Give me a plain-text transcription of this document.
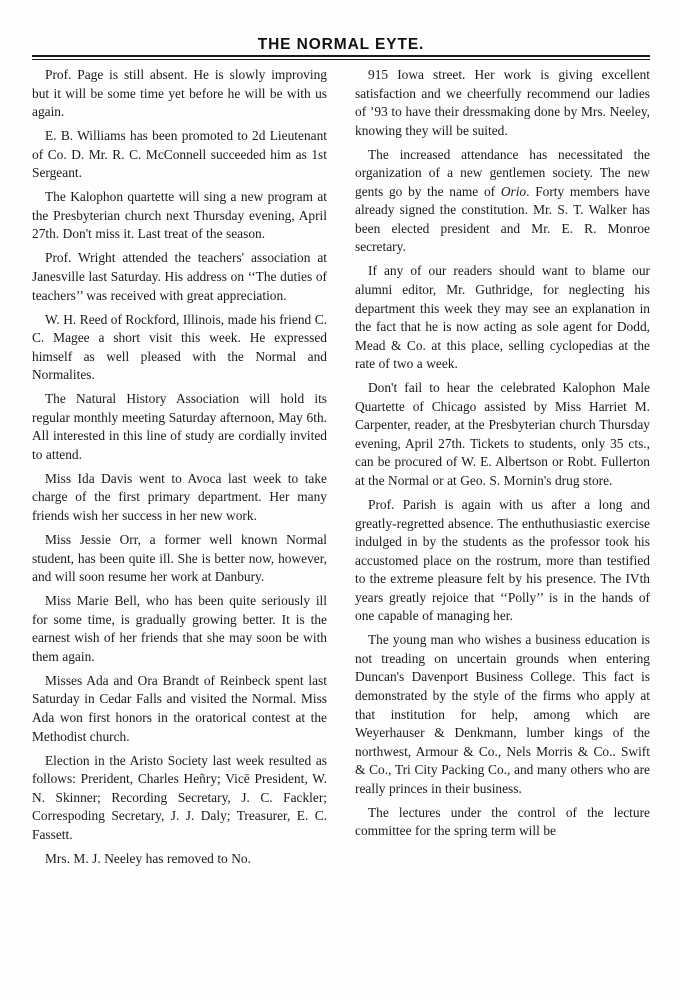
THE NORMAL EYTE.

Prof. Page is still absent. He is slowly improving but it will be some time yet before he will be with us again.

E. B. Williams has been promoted to 2d Lieutenant of Co. D. Mr. R. C. McConnell succeeded him as 1st Sergeant.

The Kalophon quartette will sing a new program at the Presbyterian church next Thursday evening, April 27th. Don't miss it. Last treat of the season.

Prof. Wright attended the teachers' association at Janesville last Saturday. His address on ‘‘The duties of teachers’’ was received with great appreciation.

W. H. Reed of Rockford, Illinois, made his friend C. C. Magee a short visit this week. He expressed himself as well pleased with the Normal and Normalites.

The Natural History Association will hold its regular monthly meeting Saturday afternoon, May 6th. All interested in this line of study are cordially invited to attend.

Miss Ida Davis went to Avoca last week to take charge of the first primary department. Her many friends wish her success in her new work.

Miss Jessie Orr, a former well known Normal student, has been quite ill. She is better now, however, and will soon resume her work at Danbury.

Miss Marie Bell, who has been quite seriously ill for some time, is gradually growing better. It is the earnest wish of her friends that she may soon be with them again.

Misses Ada and Ora Brandt of Reinbeck spent last Saturday in Cedar Falls and visited the Normal. Miss Ada won first honors in the oratorical contest at the Methodist church.

Election in the Aristo Society last week resulted as follows: Prerident, Charles Heñry; Vicē President, W. N. Skinner; Recording Secretary, J. C. Fackler; Correspoding Secretary, J. J. Daly; Treasurer, E. C. Fassett.

Mrs. M. J. Neeley has removed to No.

915 Iowa street. Her work is giving excellent satisfaction and we cheerfully recommend our ladies of ’93 to have their dressmaking done by Mrs. Neeley, knowing they will be suited.

The increased attendance has necessitated the organization of a new gentlemen society. The new gents go by the name of Orio. Forty members have already signed the constitution. Mr. S. T. Walker has been elected president and Mr. E. R. Monroe secretary.

If any of our readers should want to blame our alumni editor, Mr. Guthridge, for neglecting his department this week they may see an explanation in the fact that he is now acting as sole agent for Dodd, Mead & Co. at this place, selling cyclopedias at the rate of two a week.

Don't fail to hear the celebrated Kalophon Male Quartette of Chicago assisted by Miss Harriet M. Carpenter, reader, at the Presbyterian church Thursday evening, April 27th. Tickets to students, only 35 cts., can be procured of W. E. Albertson or Robt. Fullerton at the Normal or at Geo. S. Mornin's drug store.

Prof. Parish is again with us after a long and greatly-regretted absence. The enthuthusiastic exercise indulged in by the students as the professor took his accustomed place on the rostrum, more than testified to the extreme pleasure felt by his presence. The IVth years greatly rejoice that ‘‘Polly’’ is in the hands of one capable of managing her.

The young man who wishes a business education is not treading on uncertain grounds when entering Duncan's Davenport Business College. This fact is demonstrated by the style of the firms who apply at that institution for help, among which are Weyerhauser & Denkmann, lumber kings of the northwest, Armour & Co., Nels Morris & Co.. Swift & Co., Tri City Packing Co., and many others who are really princes in their business.

The lectures under the control of the lecture committee for the spring term will be
